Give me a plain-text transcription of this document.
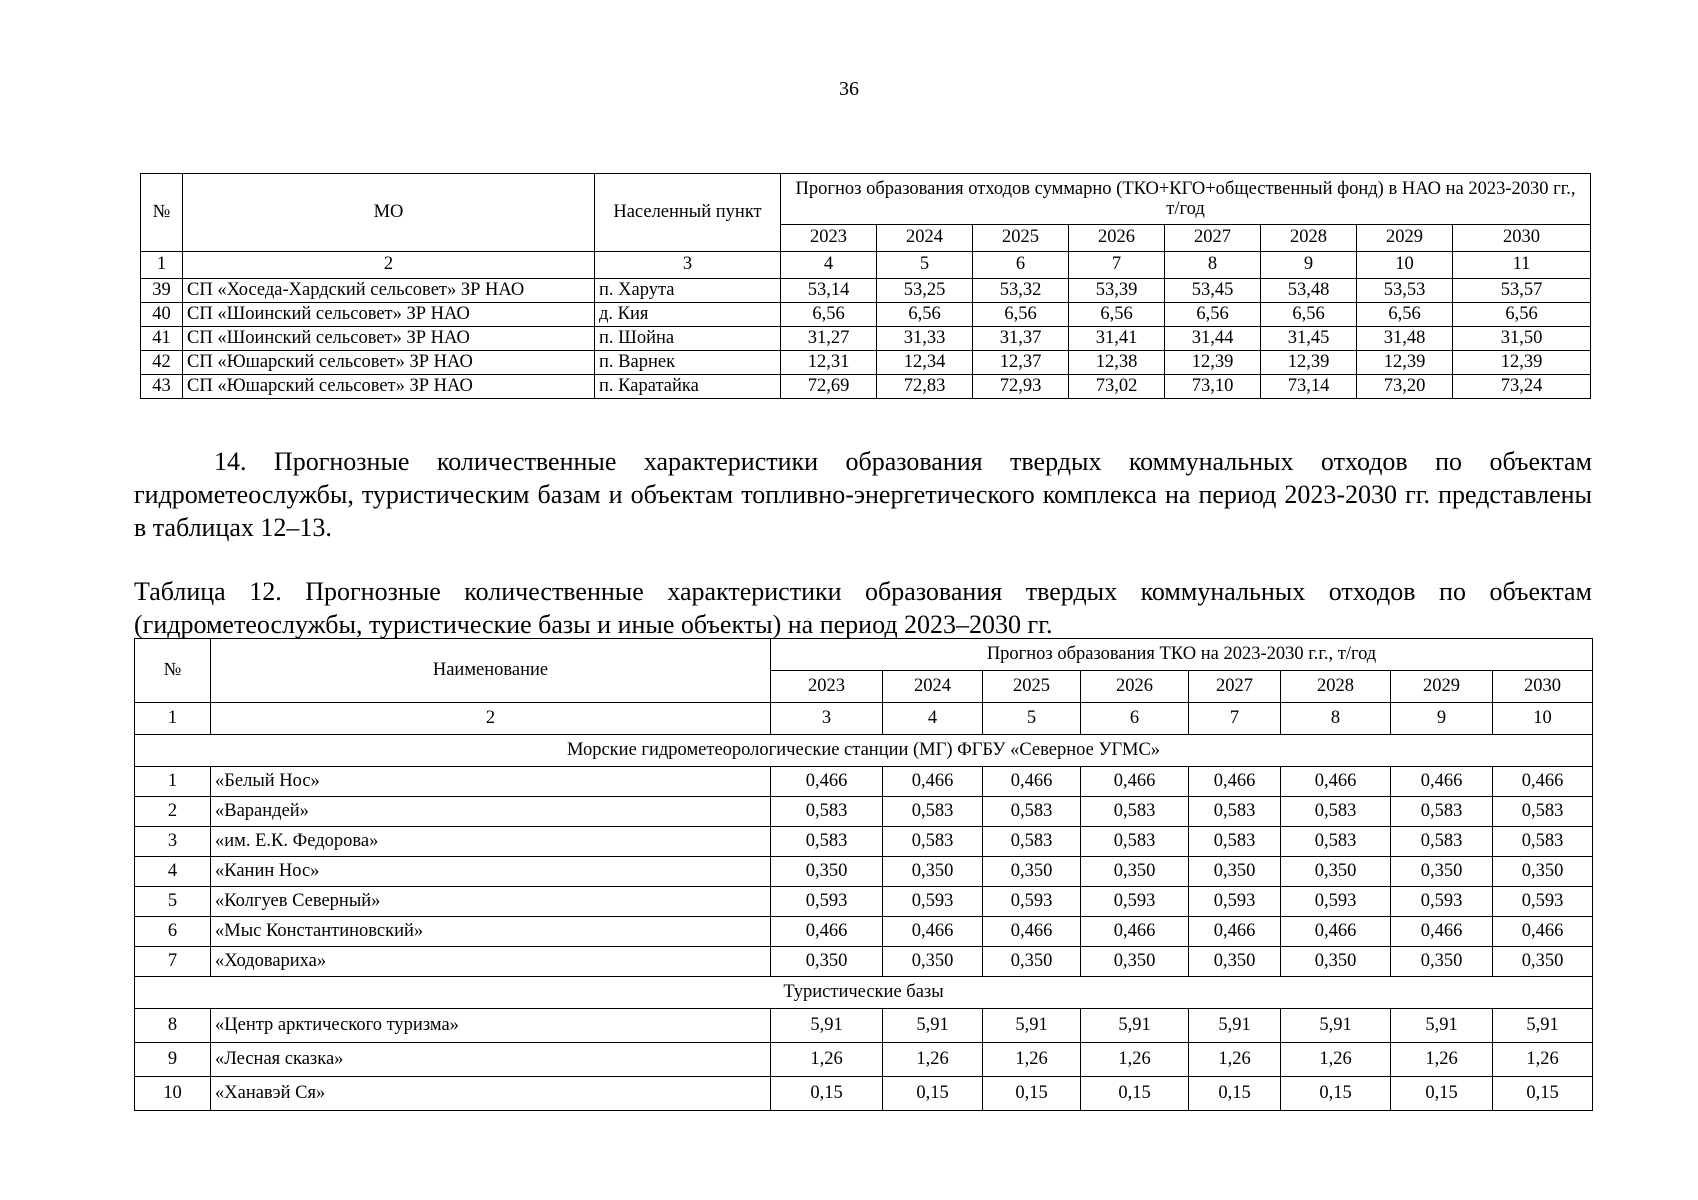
36
№	МО	Населенный пункт	Прогноз образования отходов суммарно (ТКО+КГО+общественный фонд) в НАО на 2023-2030 гг., т/год							
			2023	2024	2025	2026	2027	2028	2029	2030
1	2	3	4	5	6	7	8	9	10	11
39	СП «Хоседа-Хардский сельсовет» ЗР НАО	п. Харута	53,14	53,25	53,32	53,39	53,45	53,48	53,53	53,57
40	СП «Шоинский сельсовет» ЗР НАО	д. Кия	6,56	6,56	6,56	6,56	6,56	6,56	6,56	6,56
41	СП «Шоинский сельсовет» ЗР НАО	п. Шойна	31,27	31,33	31,37	31,41	31,44	31,45	31,48	31,50
42	СП «Юшарский сельсовет» ЗР НАО	п. Варнек	12,31	12,34	12,37	12,38	12,39	12,39	12,39	12,39
43	СП «Юшарский сельсовет» ЗР НАО	п. Каратайка	72,69	72,83	72,93	73,02	73,10	73,14	73,20	73,24
14. Прогнозные количественные характеристики образования твердых коммунальных отходов по объектам гидрометеослужбы, туристическим базам и объектам топливно-энергетического комплекса на период 2023-2030 гг. представлены в таблицах 12–13.
Таблица 12. Прогнозные количественные характеристики образования твердых коммунальных отходов по объектам (гидрометеослужбы, туристические базы и иные объекты) на период 2023–2030 гг.
№	Наименование	Прогноз образования ТКО на 2023-2030 г.г., т/год							
		2023	2024	2025	2026	2027	2028	2029	2030
1	2	3	4	5	6	7	8	9	10
Морские гидрометеорологические станции (МГ) ФГБУ «Северное УГМС»									
1	«Белый Нос»	0,466	0,466	0,466	0,466	0,466	0,466	0,466	0,466
2	«Варандей»	0,583	0,583	0,583	0,583	0,583	0,583	0,583	0,583
3	«им. Е.К. Федорова»	0,583	0,583	0,583	0,583	0,583	0,583	0,583	0,583
4	«Канин Нос»	0,350	0,350	0,350	0,350	0,350	0,350	0,350	0,350
5	«Колгуев Северный»	0,593	0,593	0,593	0,593	0,593	0,593	0,593	0,593
6	«Мыс Константиновский»	0,466	0,466	0,466	0,466	0,466	0,466	0,466	0,466
7	«Ходовариха»	0,350	0,350	0,350	0,350	0,350	0,350	0,350	0,350
Туристические базы									
8	«Центр арктического туризма»	5,91	5,91	5,91	5,91	5,91	5,91	5,91	5,91
9	«Лесная сказка»	1,26	1,26	1,26	1,26	1,26	1,26	1,26	1,26
10	«Ханавэй Ся»	0,15	0,15	0,15	0,15	0,15	0,15	0,15	0,15
